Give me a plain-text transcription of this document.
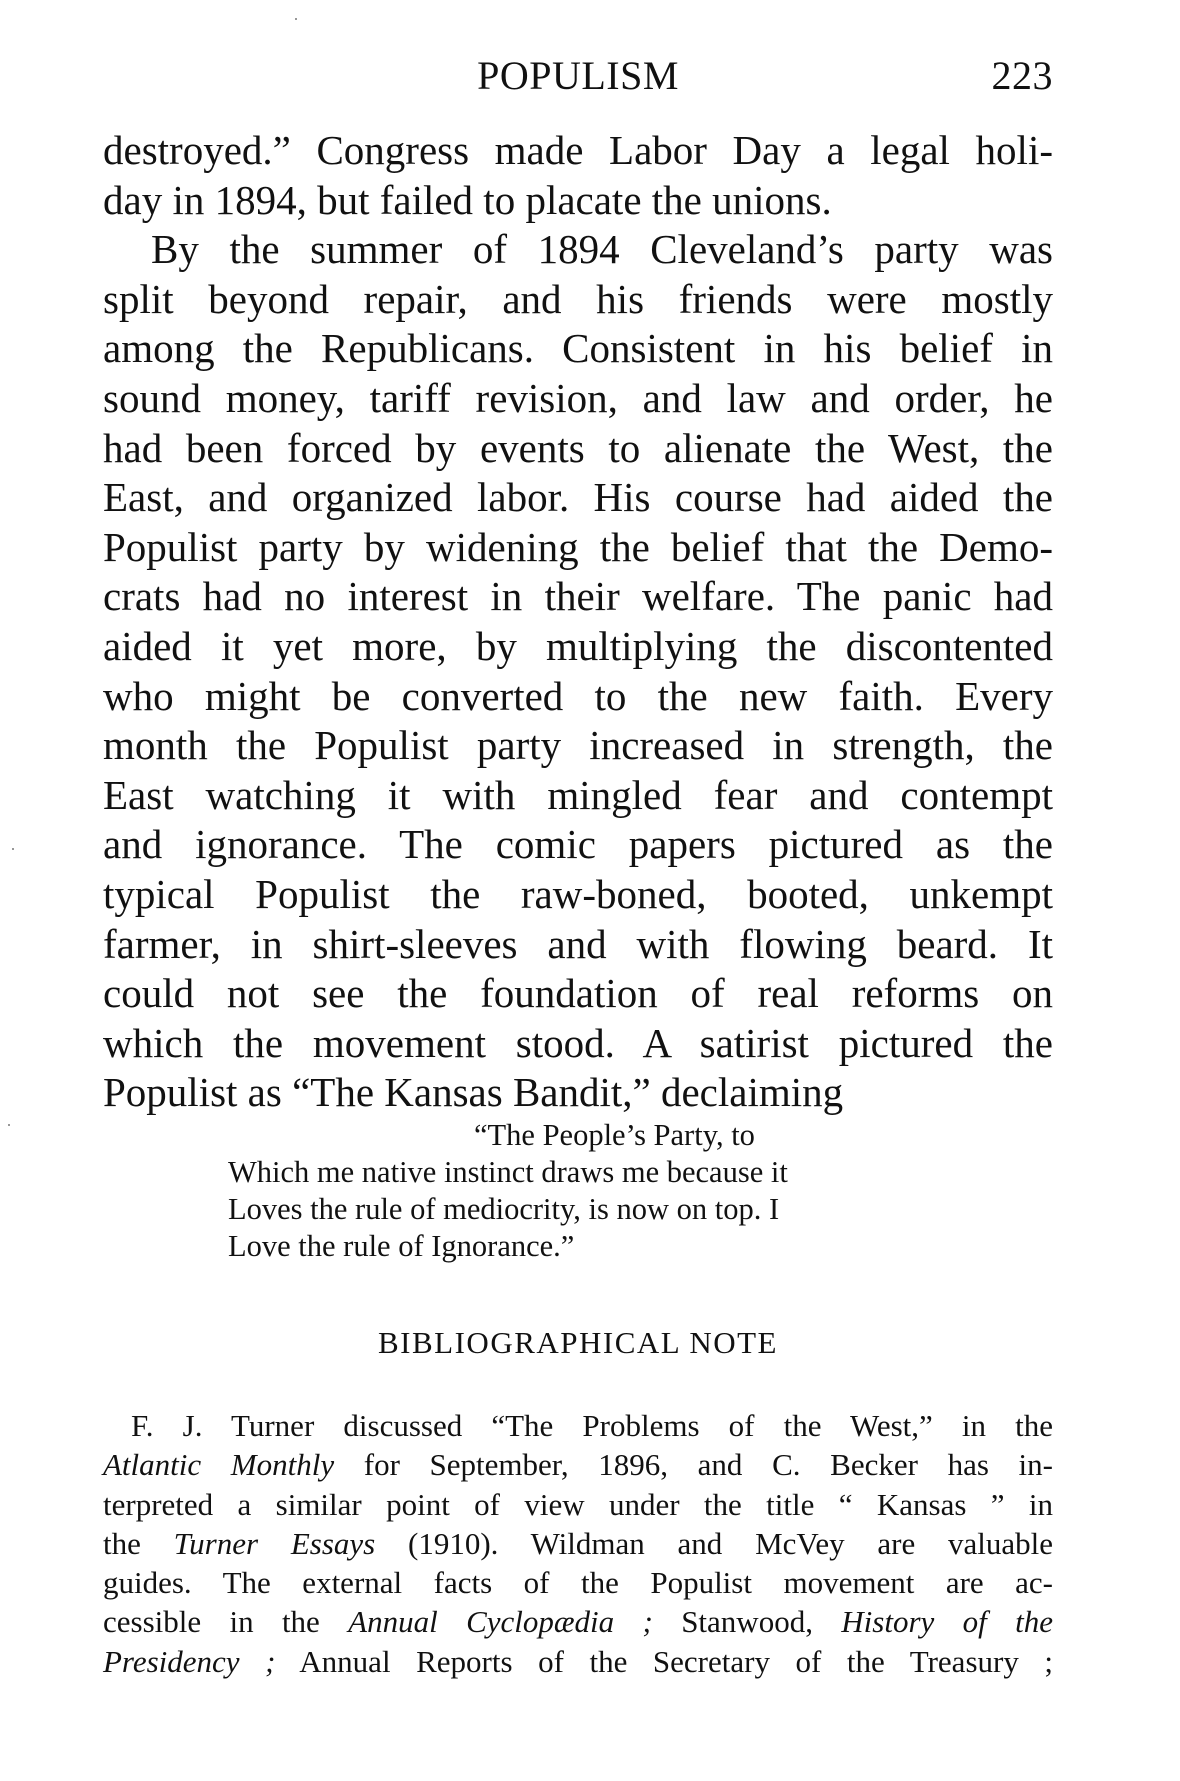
POPULISM	223
destroyed.” Congress made Labor Day a legal holi-
day in 1894, but failed to placate the unions.
By the summer of 1894 Cleveland’s party was
split beyond repair, and his friends were mostly
among the Republicans. Consistent in his belief in
sound money, tariff revision, and law and order, he
had been forced by events to alienate the West, the
East, and organized labor. His course had aided the
Populist party by widening the belief that the Demo-
crats had no interest in their welfare. The panic had
aided it yet more, by multiplying the discontented
who might be converted to the new faith. Every
month the Populist party increased in strength, the
East watching it with mingled fear and contempt
and ignorance. The comic papers pictured as the
typical Populist the raw-boned, booted, unkempt
farmer, in shirt-sleeves and with flowing beard. It
could not see the foundation of real reforms on
which the movement stood. A satirist pictured the
Populist as “The Kansas Bandit,” declaiming
“The People’s Party, to
Which me native instinct draws me because it
Loves the rule of mediocrity, is now on top. I
Love the rule of Ignorance.”
BIBLIOGRAPHICAL NOTE
F. J. Turner discussed “The Problems of the West,” in the
Atlantic Monthly for September, 1896, and C. Becker has in-
terpreted a similar point of view under the title “ Kansas ” in
the Turner Essays (1910). Wildman and McVey are valuable
guides. The external facts of the Populist movement are ac-
cessible in the Annual Cyclopædia ; Stanwood, History of the
Presidency ; Annual Reports of the Secretary of the Treasury ;
